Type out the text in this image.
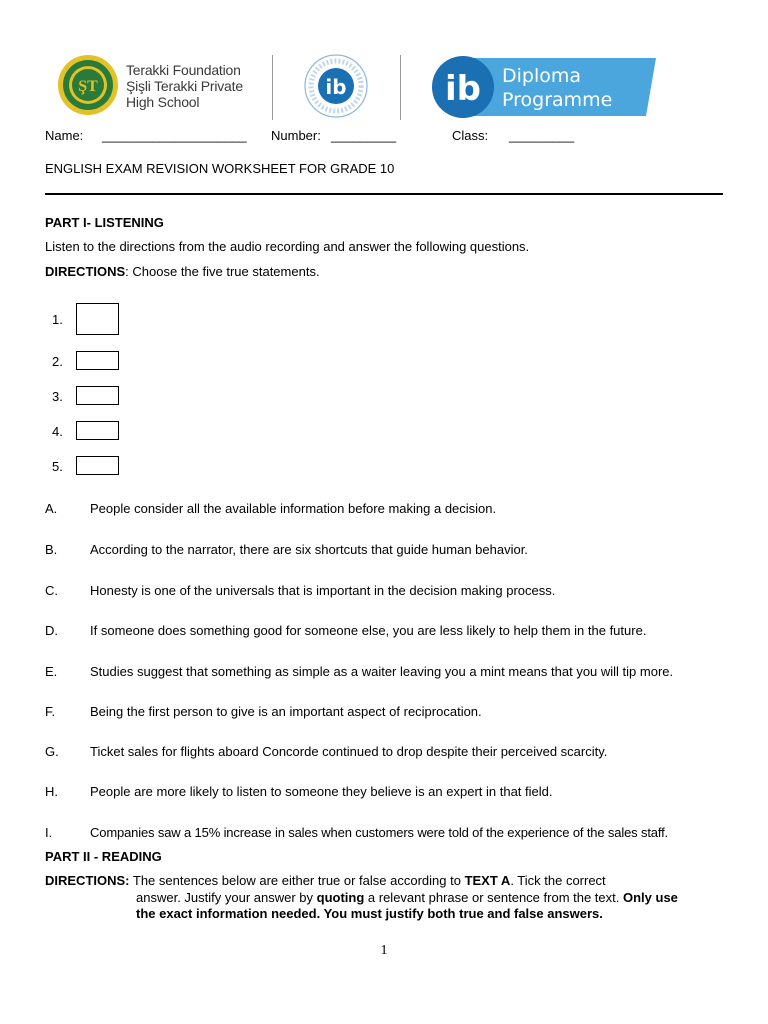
ŞT
Terakki Foundation
Şişli Terakki Private
High School
ib	ib Diploma
Programme
Name: ____________________ Number: _________	Class: _________
ENGLISH EXAM REVISION WORKSHEET FOR GRADE 10
PART I- LISTENING
Listen to the directions from the audio recording and answer the following questions.
DIRECTIONS: Choose the five true statements.
1.
2.
3.
4.
5.
A.	People consider all the available information before making a decision.
B.	According to the narrator, there are six shortcuts that guide human behavior.
C. Honesty is one of the universals that is important in the decision making process.
D. If someone does something good for someone else, you are less likely to help them in the future.
E.	Studies suggest that something as simple as a waiter leaving you a mint means that you will tip more.
F.	Being the first person to give is an important aspect of reciprocation.
G. Ticket sales for flights aboard Concorde continued to drop despite their perceived scarcity.
H. People are more likely to listen to someone they believe is an expert in that field.
I.	Companies saw a 15% increase in sales when customers were told of the experience of the sales staff.
PART II - READING
DIRECTIONS: The sentences below are either true or false according to TEXT A. Tick the correct
answer. Justify your answer by quoting a relevant phrase or sentence from the text. Only use
the exact information needed. You must justify both true and false answers.
1
